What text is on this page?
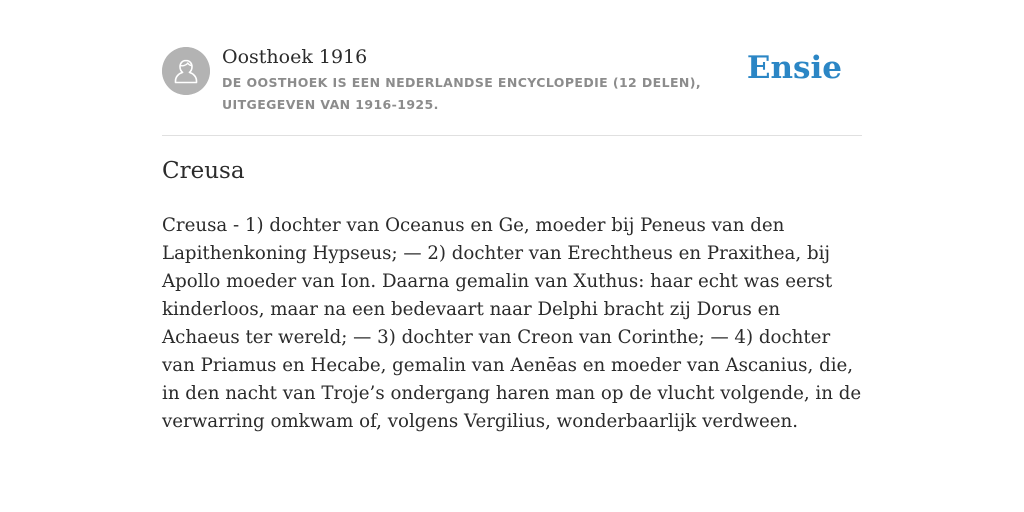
Oosthoek 1916
DE OOSTHOEK IS EEN NEDERLANDSE ENCYCLOPEDIE (12 DELEN), UITGEGEVEN VAN 1916-1925.
Ensie
Creusa

Creusa - 1) dochter van Oceanus en Ge, moeder bij Peneus van den Lapithenkoning Hypseus; — 2) dochter van Erechtheus en Praxithea, bij Apollo moeder van Ion. Daarna gemalin van Xuthus: haar echt was eerst kinderloos, maar na een bedevaart naar Delphi bracht zij Dorus en Achaeus ter wereld; — 3) dochter van Creon van Corinthe; — 4) dochter van Priamus en Hecabe, gemalin van Aenēas en moeder van Ascanius, die, in den nacht van Troje’s ondergang haren man op de vlucht volgende, in de verwarring omkwam of, volgens Vergilius, wonderbaarlijk verdween.
